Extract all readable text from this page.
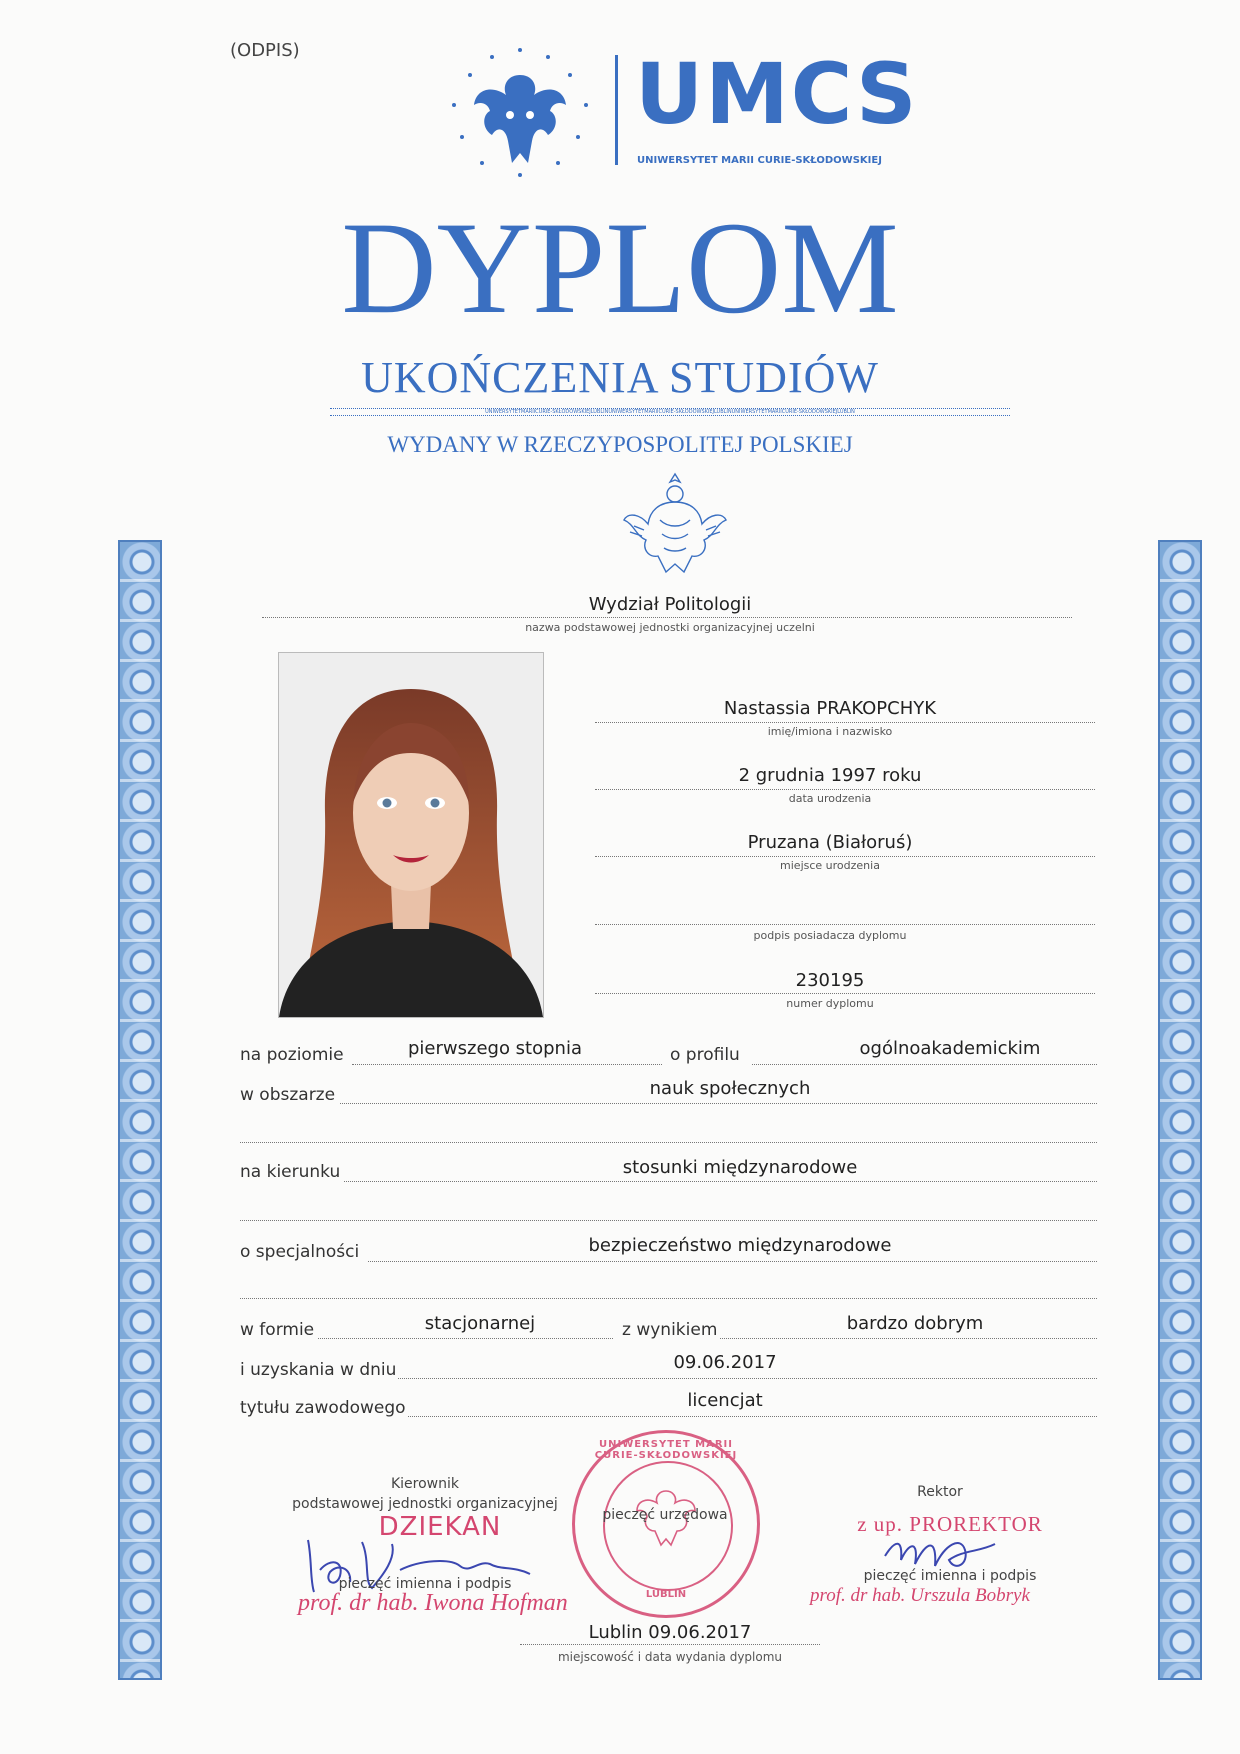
(ODPIS)	UMCS
UNIWERSYTET MARII CURIE-SKŁODOWSKIEJ
DYPLOM
UKOŃCZENIA STUDIÓW
UNIWERSYTETMARIICURIE-SKŁODOWSKIEJLUBLINUNIWERSYTETMARIICURIE-SKŁODOWSKIEJLUBLINUNIWERSYTETMARIICURIE-SKŁODOWSKIEJLUBLIN
WYDANY W RZECZYPOSPOLITEJ POLSKIEJ
Wydział Politologii
nazwa podstawowej jednostki organizacyjnej uczelni
Nastassia PRAKOPCHYK
imię/imiona i nazwisko
2 grudnia 1997 roku
data urodzenia
Pruzana (Białoruś)
miejsce urodzenia
podpis posiadacza dyplomu
230195
numer dyplomu
na poziomie	pierwszego stopnia	o profilu	ogólnoakademickim
w obszarze	nauk społecznych
na kierunku	stosunki międzynarodowe
o specjalności	bezpieczeństwo międzynarodowe
w formie	stacjonarnej	z wynikiem	bardzo dobrym
i uzyskania w dniu	09.06.2017
tytułu zawodowego	licencjat
Kierownik
podstawowej jednostki organizacyjnej
DZIEKAN
pieczęć imienna i podpis
prof. dr hab. Iwona Hofman
UNIWERSYTET MARII CURIE-SKŁODOWSKIEJ
LUBLIN
pieczęć urzędowa
Rektor
z up. PROREKTOR
pieczęć imienna i podpis
prof. dr hab. Urszula Bobryk
Lublin 09.06.2017
miejscowość i data wydania dyplomu
